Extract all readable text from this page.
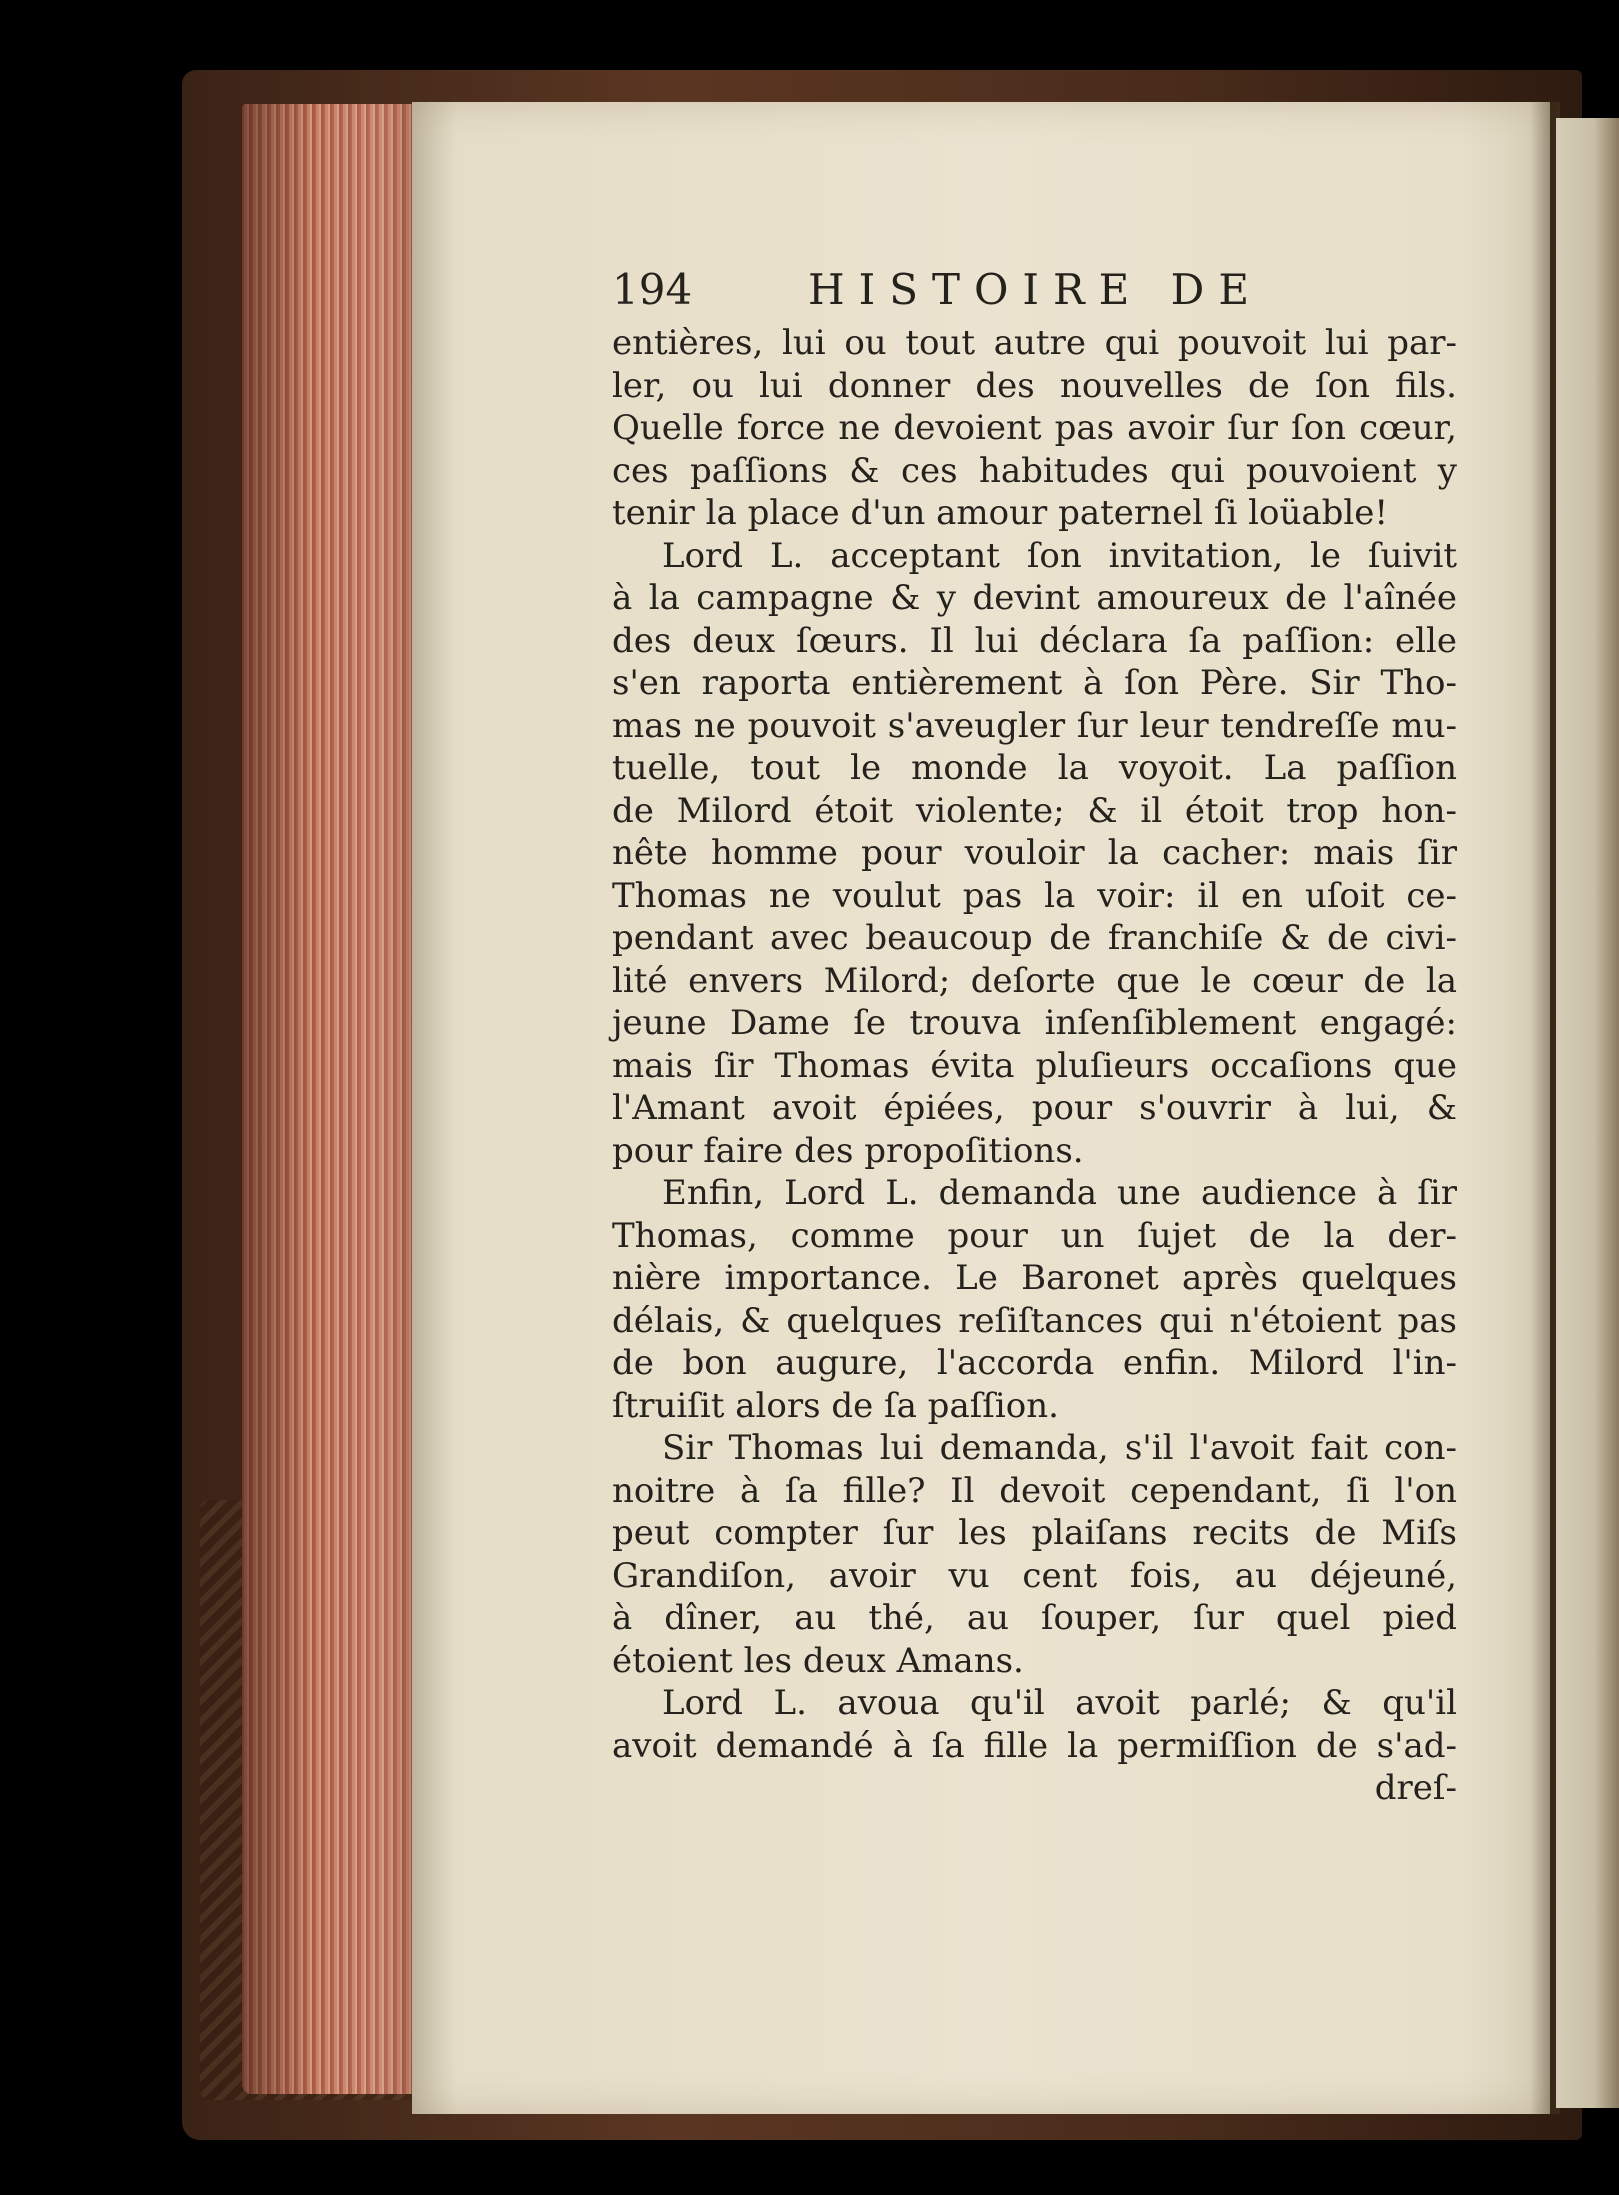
194	HISTOIRE DE
entières, lui ou tout autre qui pouvoit lui par-
ler, ou lui donner des nouvelles de ſon fils.
Quelle force ne devoient pas avoir ſur ſon cœur,
ces paſſions & ces habitudes qui pouvoient y
tenir la place d'un amour paternel ſi loüable!
Lord L. acceptant ſon invitation, le ſuivit
à la campagne & y devint amoureux de l'aînée
des deux ſœurs. Il lui déclara ſa paſſion: elle
s'en raporta entièrement à ſon Père. Sir Tho-
mas ne pouvoit s'aveugler ſur leur tendreſſe mu-
tuelle, tout le monde la voyoit. La paſſion
de Milord étoit violente; & il étoit trop hon-
nête homme pour vouloir la cacher: mais ſir
Thomas ne voulut pas la voir: il en uſoit ce-
pendant avec beaucoup de franchiſe & de civi-
lité envers Milord; deſorte que le cœur de la
jeune Dame ſe trouva inſenſiblement engagé:
mais ſir Thomas évita pluſieurs occaſions que
l'Amant avoit épiées, pour s'ouvrir à lui, &
pour faire des propoſitions.
Enfin, Lord L. demanda une audience à ſir
Thomas, comme pour un ſujet de la der-
nière importance. Le Baronet après quelques
délais, & quelques reſiſtances qui n'étoient pas
de bon augure, l'accorda enfin. Milord l'in-
ſtruiſit alors de ſa paſſion.
Sir Thomas lui demanda, s'il l'avoit fait con-
noitre à ſa fille? Il devoit cependant, ſi l'on
peut compter ſur les plaiſans recits de Miſs
Grandiſon, avoir vu cent fois, au déjeuné,
à dîner, au thé, au ſouper, ſur quel pied
étoient les deux Amans.
Lord L. avoua qu'il avoit parlé; & qu'il
avoit demandé à ſa fille la permiſſion de s'ad-
dreſ-
